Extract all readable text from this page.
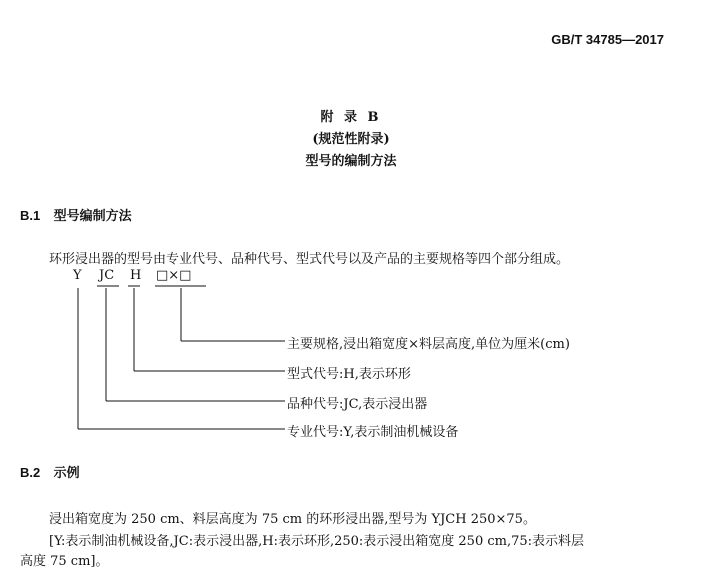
GB/T 34785—2017
附 录 B
(规范性附录)
型号的编制方法
B.1 型号编制方法
环形浸出器的型号由专业代号、品种代号、型式代号以及产品的主要规格等四个部分组成。
Y JC H □×□
主要规格,浸出箱宽度×料层高度,单位为厘米(cm)
型式代号:H,表示环形
品种代号:JC,表示浸出器
专业代号:Y,表示制油机械设备
B.2 示例
浸出箱宽度为 250 cm、料层高度为 75 cm 的环形浸出器,型号为 YJCH 250×75。
[Y:表示制油机械设备,JC:表示浸出器,H:表示环形,250:表示浸出箱宽度 250 cm,75:表示料层
高度 75 cm]。
